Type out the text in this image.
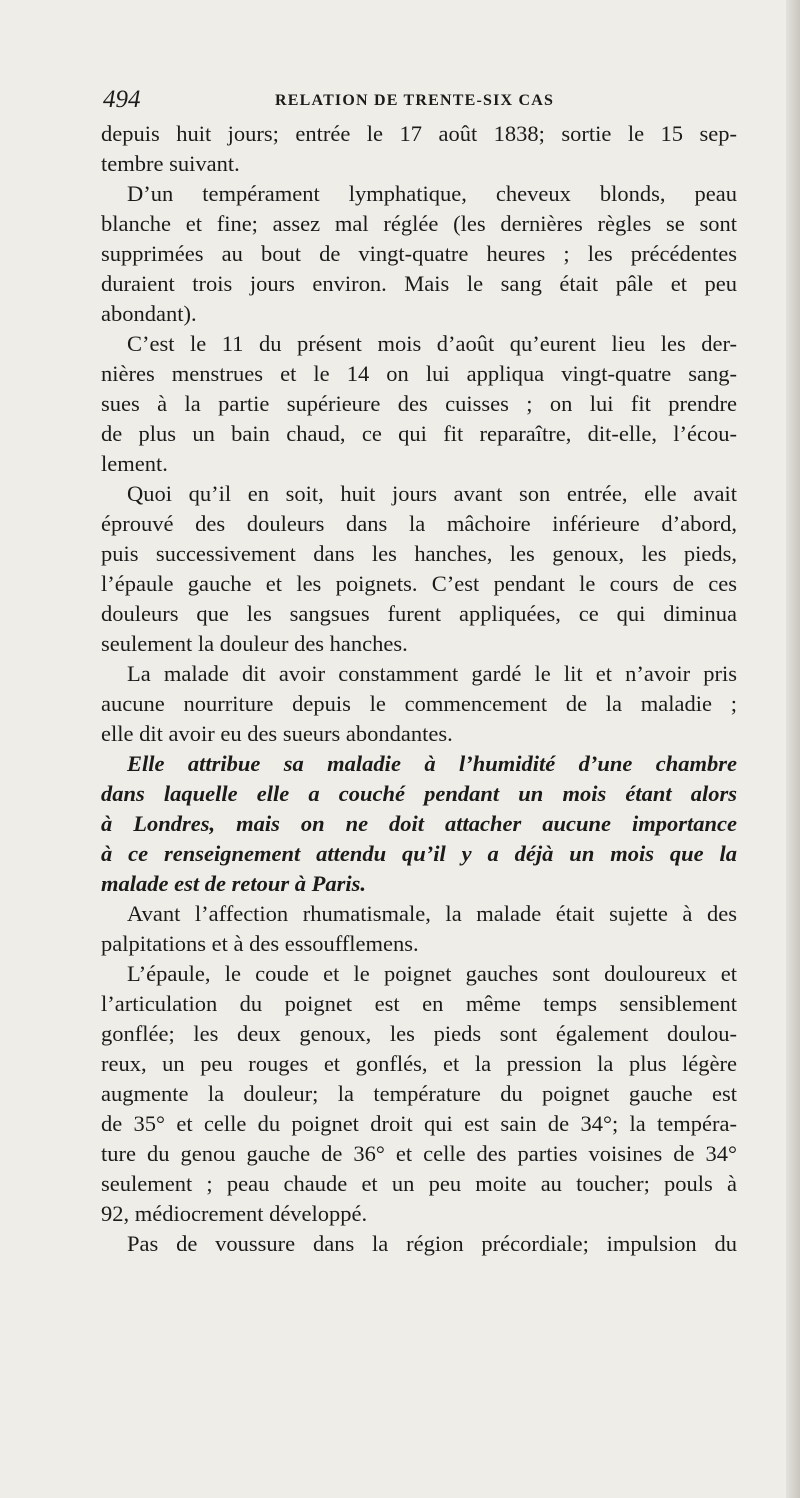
494	RELATION DE TRENTE-SIX CAS
depuis huit jours; entrée le 17 août 1838; sortie le 15 sep-
tembre suivant.
D’un tempérament lymphatique, cheveux blonds, peau
blanche et fine; assez mal réglée (les dernières règles se sont
supprimées au bout de vingt-quatre heures ; les précédentes
duraient trois jours environ. Mais le sang était pâle et peu
abondant).
C’est le 11 du présent mois d’août qu’eurent lieu les der-
nières menstrues et le 14 on lui appliqua vingt-quatre sang-
sues à la partie supérieure des cuisses ; on lui fit prendre
de plus un bain chaud, ce qui fit reparaître, dit-elle, l’écou-
lement.
Quoi qu’il en soit, huit jours avant son entrée, elle avait
éprouvé des douleurs dans la mâchoire inférieure d’abord,
puis successivement dans les hanches, les genoux, les pieds,
l’épaule gauche et les poignets. C’est pendant le cours de ces
douleurs que les sangsues furent appliquées, ce qui diminua
seulement la douleur des hanches.
La malade dit avoir constamment gardé le lit et n’avoir pris
aucune nourriture depuis le commencement de la maladie ;
elle dit avoir eu des sueurs abondantes.
Elle attribue sa maladie à l’humidité d’une chambre
dans laquelle elle a couché pendant un mois étant alors
à Londres, mais on ne doit attacher aucune importance
à ce renseignement attendu qu’il y a déjà un mois que la
malade est de retour à Paris.
Avant l’affection rhumatismale, la malade était sujette à des
palpitations et à des essoufflemens.
L’épaule, le coude et le poignet gauches sont douloureux et
l’articulation du poignet est en même temps sensiblement
gonflée; les deux genoux, les pieds sont également doulou-
reux, un peu rouges et gonflés, et la pression la plus légère
augmente la douleur; la température du poignet gauche est
de 35° et celle du poignet droit qui est sain de 34°; la tempéra-
ture du genou gauche de 36° et celle des parties voisines de 34°
seulement ; peau chaude et un peu moite au toucher; pouls à
92, médiocrement développé.
Pas de voussure dans la région précordiale; impulsion du
